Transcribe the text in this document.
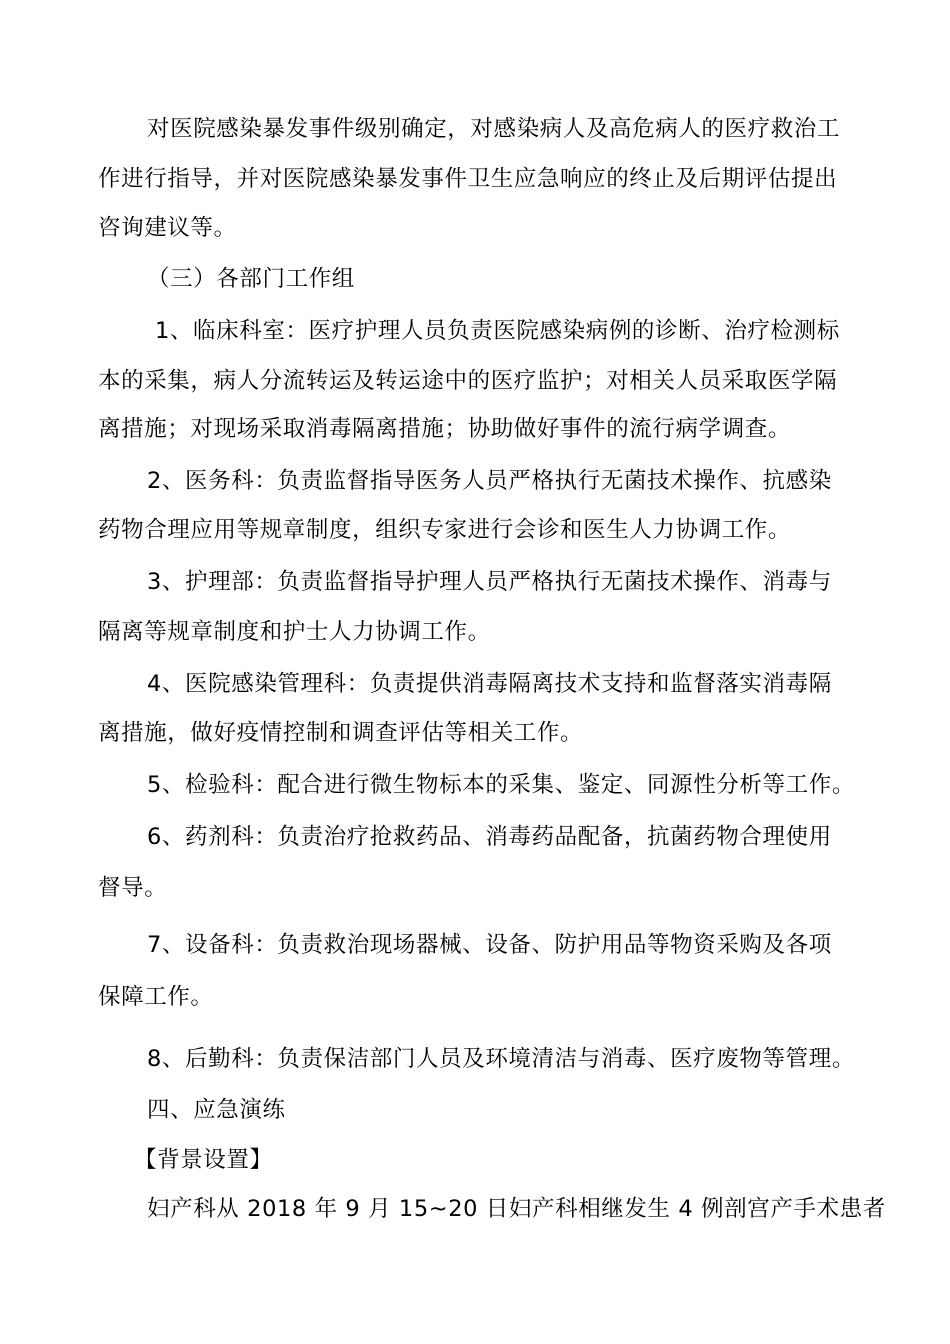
对医院感染暴发事件级别确定，对感染病人及高危病人的医疗救治工
作进行指导，并对医院感染暴发事件卫生应急响应的终止及后期评估提出
咨询建议等。
（三）各部门工作组
1、临床科室：医疗护理人员负责医院感染病例的诊断、治疗检测标
本的采集，病人分流转运及转运途中的医疗监护；对相关人员采取医学隔
离措施；对现场采取消毒隔离措施；协助做好事件的流行病学调查。
2、医务科：负责监督指导医务人员严格执行无菌技术操作、抗感染
药物合理应用等规章制度，组织专家进行会诊和医生人力协调工作。
3、护理部：负责监督指导护理人员严格执行无菌技术操作、消毒与
隔离等规章制度和护士人力协调工作。
4、医院感染管理科：负责提供消毒隔离技术支持和监督落实消毒隔
离措施，做好疫情控制和调查评估等相关工作。
5、检验科：配合进行微生物标本的采集、鉴定、同源性分析等工作。
6、药剂科：负责治疗抢救药品、消毒药品配备，抗菌药物合理使用
督导。
7、设备科：负责救治现场器械、设备、防护用品等物资采购及各项
保障工作。
8、后勤科：负责保洁部门人员及环境清洁与消毒、医疗废物等管理。
四、应急演练
【背景设置】
妇产科从 2018 年 9 月 15~20 日妇产科相继发生 4 例剖宫产手术患者
